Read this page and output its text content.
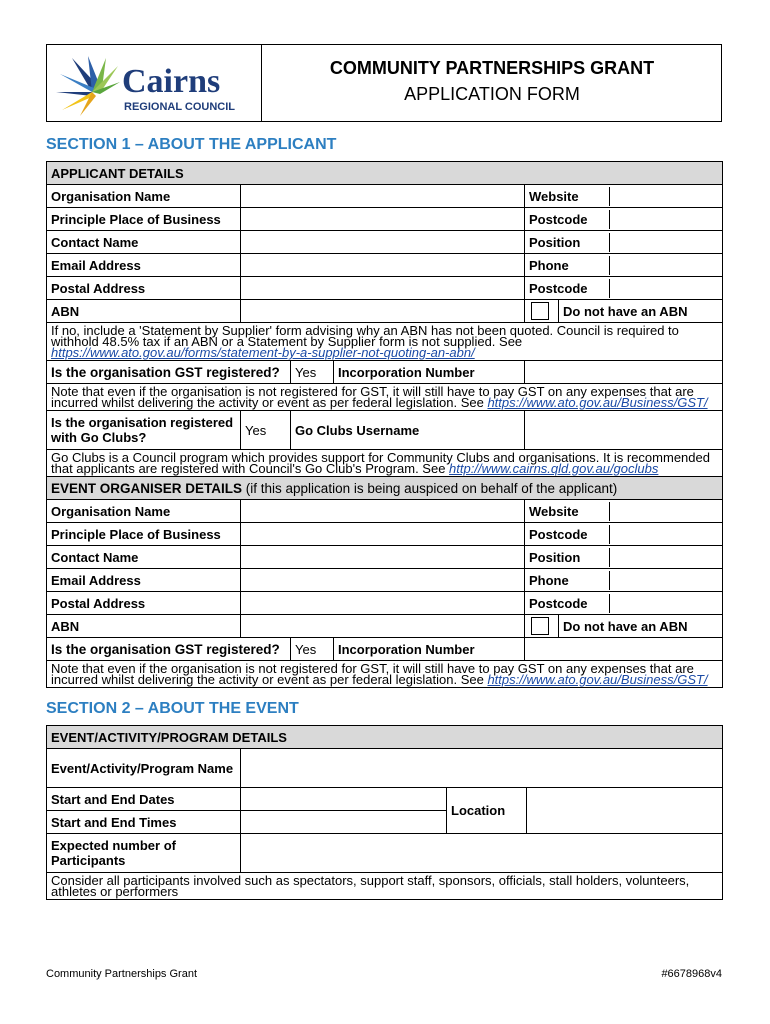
Cairns
REGIONAL COUNCIL
COMMUNITY PARTNERSHIPS GRANT
APPLICATION FORM
SECTION 1 – ABOUT THE APPLICANT
APPLICANT DETAILS					
Organisation Name				Website	

Principle Place of Business				Postcode	

Contact Name				Position	

Email Address				Phone	

Postal Address				Postcode	

ABN					Do not have an ABN
If no, include a 'Statement by Supplier' form advising why an ABN has not been quoted. Council is required to withhold 48.5% tax if an ABN or a Statement by Supplier form is not supplied. See https://www.ato.gov.au/forms/statement-by-a-supplier-not-quoting-an-abn/					
Is the organisation GST registered?		Yes	Incorporation Number		
Note that even if the organisation is not registered for GST, it will still have to pay GST on any expenses that are incurred whilst delivering the activity or event as per federal legislation. See https://www.ato.gov.au/Business/GST/					
Is the organisation registered with Go Clubs?	Yes	Go Clubs Username			
Go Clubs is a Council program which provides support for Community Clubs and organisations. It is recommended that applicants are registered with Council's Go Club's Program. See http://www.cairns.qld.gov.au/goclubs					
EVENT ORGANISER DETAILS (if this application is being auspiced on behalf of the applicant)					
Organisation Name				Website	

Principle Place of Business				Postcode	

Contact Name				Position	

Email Address				Phone	

Postal Address				Postcode	

ABN					Do not have an ABN
Is the organisation GST registered?		Yes	Incorporation Number		
Note that even if the organisation is not registered for GST, it will still have to pay GST on any expenses that are incurred whilst delivering the activity or event as per federal legislation. See https://www.ato.gov.au/Business/GST/					
SECTION 2 – ABOUT THE EVENT
EVENT/ACTIVITY/PROGRAM DETAILS			
Event/Activity/Program Name			
Start and End Dates		Location	
Start and End Times			
Expected number of Participants			
Consider all participants involved such as spectators, support staff, sponsors, officials, stall holders, volunteers, athletes or performers			
Community Partnerships Grant	#6678968v4
